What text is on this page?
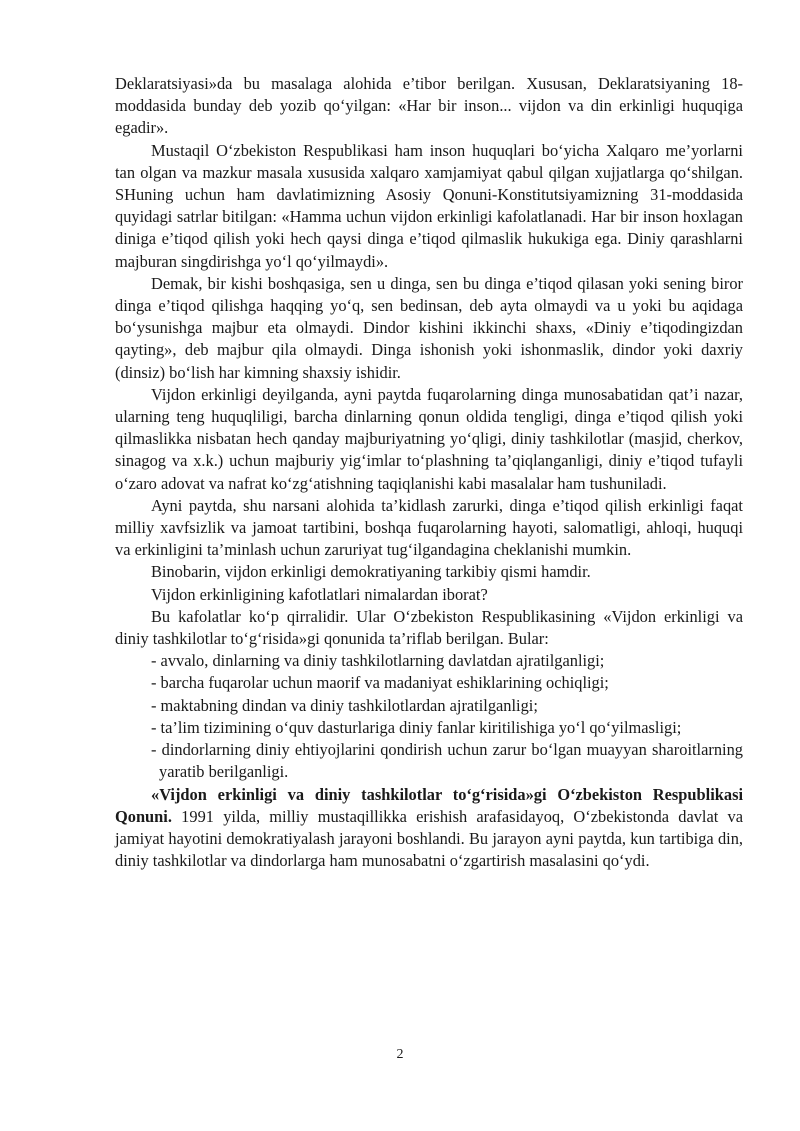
Deklaratsiyasi»da bu masalaga alohida e’tibor berilgan. Xususan, Deklaratsiyaning 18-moddasida bunday deb yozib qo‘yilgan: «Har bir inson... vijdon va din erkinligi huquqiga egadir».

Mustaqil O‘zbekiston Respublikasi ham inson huquqlari bo‘yicha Xalqaro me’yorlarni tan olgan va mazkur masala xususida xalqaro xamjamiyat qabul qilgan xujjatlarga qo‘shilgan. SHuning uchun ham davlatimizning Asosiy Qonuni-Konstitutsiyamizning 31-moddasida quyidagi satrlar bitilgan: «Hamma uchun vijdon erkinligi kafolatlanadi. Har bir inson hoxlagan diniga e’tiqod qilish yoki hech qaysi dinga e’tiqod qilmaslik hukukiga ega. Diniy qarashlarni majburan singdirishga yo‘l qo‘yilmaydi».

Demak, bir kishi boshqasiga, sen u dinga, sen bu dinga e’tiqod qilasan yoki sening biror dinga e’tiqod qilishga haqqing yo‘q, sen bedinsan, deb ayta olmaydi va u yoki bu aqidaga bo‘ysunishga majbur eta olmaydi. Dindor kishini ikkinchi shaxs, «Diniy e’tiqodingizdan qayting», deb majbur qila olmaydi. Dinga ishonish yoki ishonmaslik, dindor yoki daxriy (dinsiz) bo‘lish har kimning shaxsiy ishidir.

Vijdon erkinligi deyilganda, ayni paytda fuqarolarning dinga munosabatidan qat’i nazar, ularning teng huquqliligi, barcha dinlarning qonun oldida tengligi, dinga e’tiqod qilish yoki qilmaslikka nisbatan hech qanday majburiyatning yo‘qligi, diniy tashkilotlar (masjid, cherkov, sinagog va x.k.) uchun majburiy yig‘imlar to‘plashning ta’qiqlanganligi, diniy e’tiqod tufayli o‘zaro adovat va nafrat ko‘zg‘atishning taqiqlanishi kabi masalalar ham tushuniladi.

Ayni paytda, shu narsani alohida ta’kidlash zarurki, dinga e’tiqod qilish erkinligi faqat milliy xavfsizlik va jamoat tartibini, boshqa fuqarolarning hayoti, salomatligi, ahloqi, huquqi va erkinliginі ta’minlash uchun zaruriyat tug‘ilgandagina cheklanishi mumkin.

Binobarin, vijdon erkinligi demokratiyaning tarkibiy qismi hamdir.

Vijdon erkinligining kafotlatlari nimalardan iborat?

Bu kafolatlar ko‘p qirralidir. Ular O‘zbekiston Respublikasining «Vijdon erkinligi va diniy tashkilotlar to‘g‘risida»gi qonunida ta’riflab berilgan. Bular:

- avvalo, dinlarning va diniy tashkilotlarning davlatdan ajratilganligi;

- barcha fuqarolar uchun maorif va madaniyat eshiklarining ochiqligi;

- maktabning dindan va diniy tashkilotlardan ajratilganligi;

- ta’lim tizimining o‘quv dasturlariga diniy fanlar kiritilishiga yo‘l qo‘yilmasligi;

- dindorlarning diniy ehtiyojlarini qondirish uchun zarur bo‘lgan muayyan sharoitlarning yaratib berilganligi.

«Vijdon erkinligi va diniy tashkilotlar to‘g‘risida»gi O‘zbekiston Respublikasi Qonuni. 1991 yilda, milliy mustaqillikka erishish arafasidayoq, O‘zbekistonda davlat va jamiyat hayotini demokratiyalash jarayoni boshlandi. Bu jarayon ayni paytda, kun tartibiga din, diniy tashkilotlar va dindorlarga ham munosabatni o‘zgartirish masalasini qo‘ydi.

2
